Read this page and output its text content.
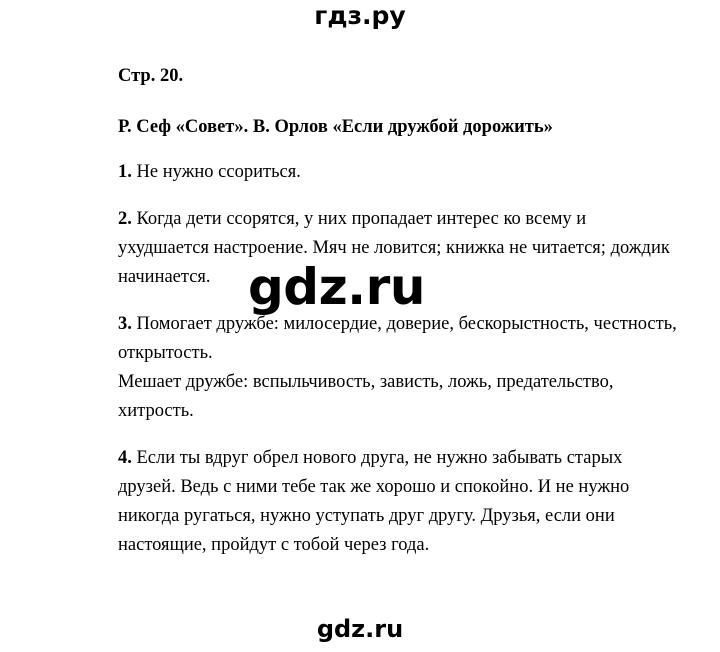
гдз.ру
Стр. 20.
Р. Сеф «Совет». В. Орлов «Если дружбой дорожить»

1. Не нужно ссориться.

2. Когда дети ссорятся, у них пропадает интерес ко всему и

ухудшается настроение. Мяч не ловится; книжка не читается; дождик

начинается.

3. Помогает дружбе: милосердие, доверие, бескорыстность, честность,

открытость.

Мешает дружбе: вспыльчивость, зависть, ложь, предательство,

хитрость.

4. Если ты вдруг обрел нового друга, не нужно забывать старых

друзей. Ведь с ними тебе так же хорошо и спокойно. И не нужно

никогда ругаться, нужно уступать друг другу. Друзья, если они

настоящие, пройдут с тобой через года.

gdz.ru
gdz.ru
